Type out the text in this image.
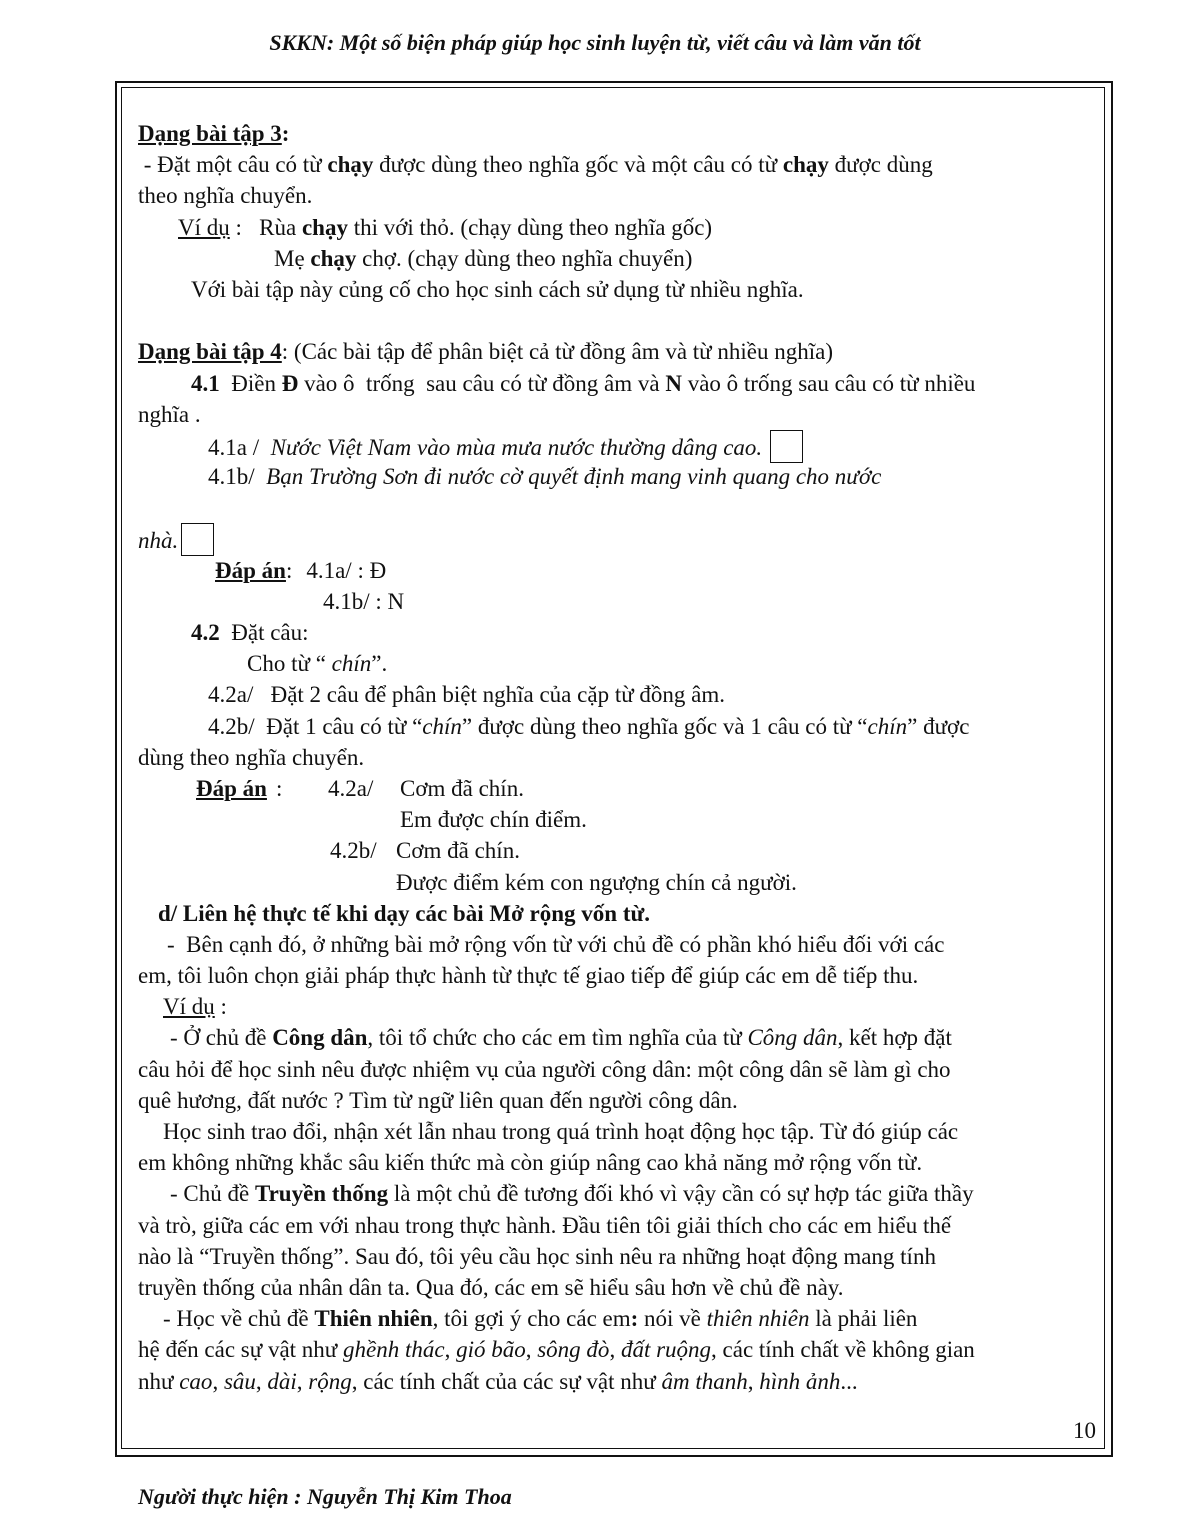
SKKN: Một số biện pháp giúp học sinh luyện từ, viết câu và làm văn tốt
Dạng bài tập 3:
- Đặt một câu có từ chạy được dùng theo nghĩa gốc và một câu có từ chạy được dùng
theo nghĩa chuyển.
Ví dụ :   Rùa chạy thi với thỏ. (chạy dùng theo nghĩa gốc)
Mẹ chạy chợ. (chạy dùng theo nghĩa chuyển)
Với bài tập này củng cố cho học sinh cách sử dụng từ nhiều nghĩa.
Dạng bài tập 4: (Các bài tập để phân biệt cả từ đồng âm và từ nhiều nghĩa)
4.1  Điền Đ vào ô  trống  sau câu có từ đồng âm và N vào ô trống sau câu có từ nhiều
nghĩa .
4.1a /  Nước Việt Nam vào mùa mưa nước thường dâng cao.
4.1b/  Bạn Trường Sơn đi nước cờ quyết định mang vinh quang cho nước
nhà.
Đáp án: 4.1a/ : Đ
4.1b/ : N
4.2  Đặt câu:
Cho từ “ chín”.
4.2a/   Đặt 2 câu để phân biệt nghĩa của cặp từ đồng âm.
4.2b/  Đặt 1 câu có từ “chín” được dùng theo nghĩa gốc và 1 câu có từ “chín” được
dùng theo nghĩa chuyển.
Đáp án : 4.2a/ Cơm đã chín.
Em được chín điểm.
4.2b/ Cơm đã chín.
Được điểm kém con ngượng chín cả người.
d/ Liên hệ thực tế khi dạy các bài Mở rộng vốn từ.
-  Bên cạnh đó, ở những bài mở rộng vốn từ với chủ đề có phần khó hiểu đối với các
em, tôi luôn chọn giải pháp thực hành từ thực tế giao tiếp để giúp các em dễ tiếp thu.
Ví dụ :
- Ở chủ đề Công dân, tôi tổ chức cho các em tìm nghĩa của từ Công dân, kết hợp đặt
câu hỏi để học sinh nêu được nhiệm vụ của người công dân: một công dân sẽ làm gì cho
quê hương, đất nước ? Tìm từ ngữ liên quan đến người công dân.
Học sinh trao đổi, nhận xét lẫn nhau trong quá trình hoạt động học tập. Từ đó giúp các
em không những khắc sâu kiến thức mà còn giúp nâng cao khả năng mở rộng vốn từ.
- Chủ đề Truyền thống là một chủ đề tương đối khó vì vậy cần có sự hợp tác giữa thầy
và trò, giữa các em với nhau trong thực hành. Đầu tiên tôi giải thích cho các em hiểu thế
nào là “Truyền thống”. Sau đó, tôi yêu cầu học sinh nêu ra những hoạt động mang tính
truyền thống của nhân dân ta. Qua đó, các em sẽ hiểu sâu hơn về chủ đề này.
- Học về chủ đề Thiên nhiên, tôi gợi ý cho các em: nói về thiên nhiên là phải liên
hệ đến các sự vật như ghềnh thác, gió bão, sông đò, đất ruộng, các tính chất về không gian
như cao, sâu, dài, rộng, các tính chất của các sự vật như âm thanh, hình ảnh...
10
Người thực hiện : Nguyễn Thị Kim Thoa
